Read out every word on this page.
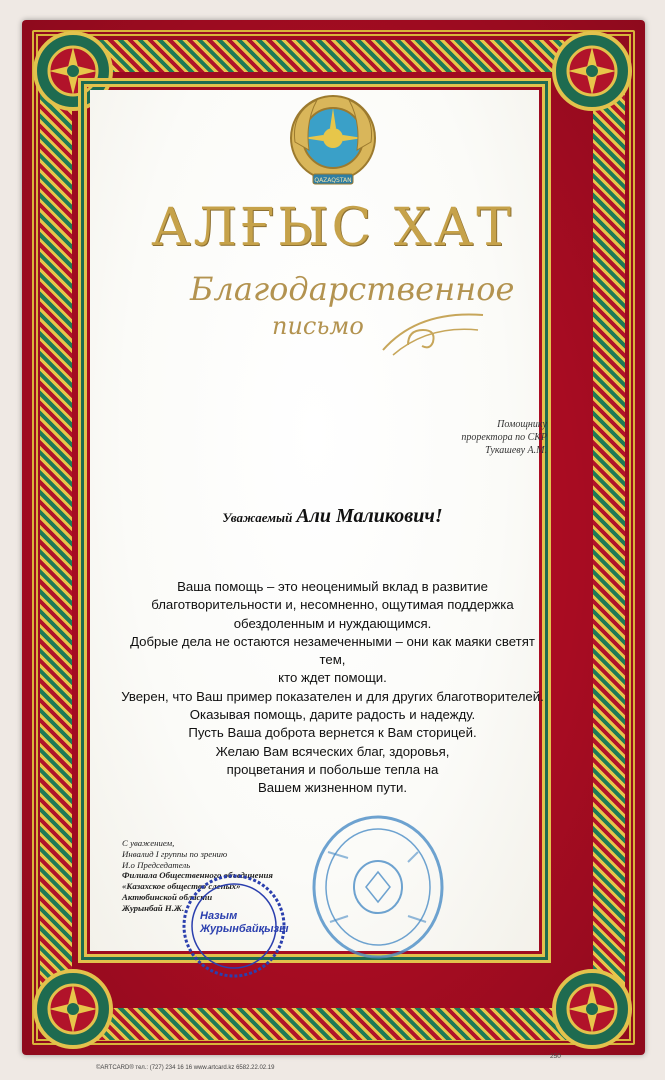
QAZAQSTAN
АЛҒЫС ХАТ
Благодарственное
письмо
Помощнику
проректора по СКР
Тукашеву А.М.
Уважаемый Али Маликович!

Ваша помощь – это неоценимый вклад в развитие

благотворительности и, несомненно, ощутимая поддержка

обездоленным и нуждающимся.

Добрые дела не остаются незамеченными – они как маяки светят тем,

кто ждет помощи.

Уверен, что Ваш пример показателен и для других благотворителей.

Оказывая помощь, дарите радость и надежду.

Пусть Ваша доброта вернется к Вам сторицей.

Желаю Вам всяческих благ, здоровья,

процветания и побольше тепла на

Вашем жизненном пути.

С уважением,

Инвалид I группы по зрению

И.о Председатель

Филиала Общественного объединения

«Казахское общество слепых»

Актюбинской области

Журынбай Н.Ж.

Назым
Журынбайқызы
©ARTCARD® тел.: (727) 234 16 16 www.artcard.kz 6582.22.02.19
250
